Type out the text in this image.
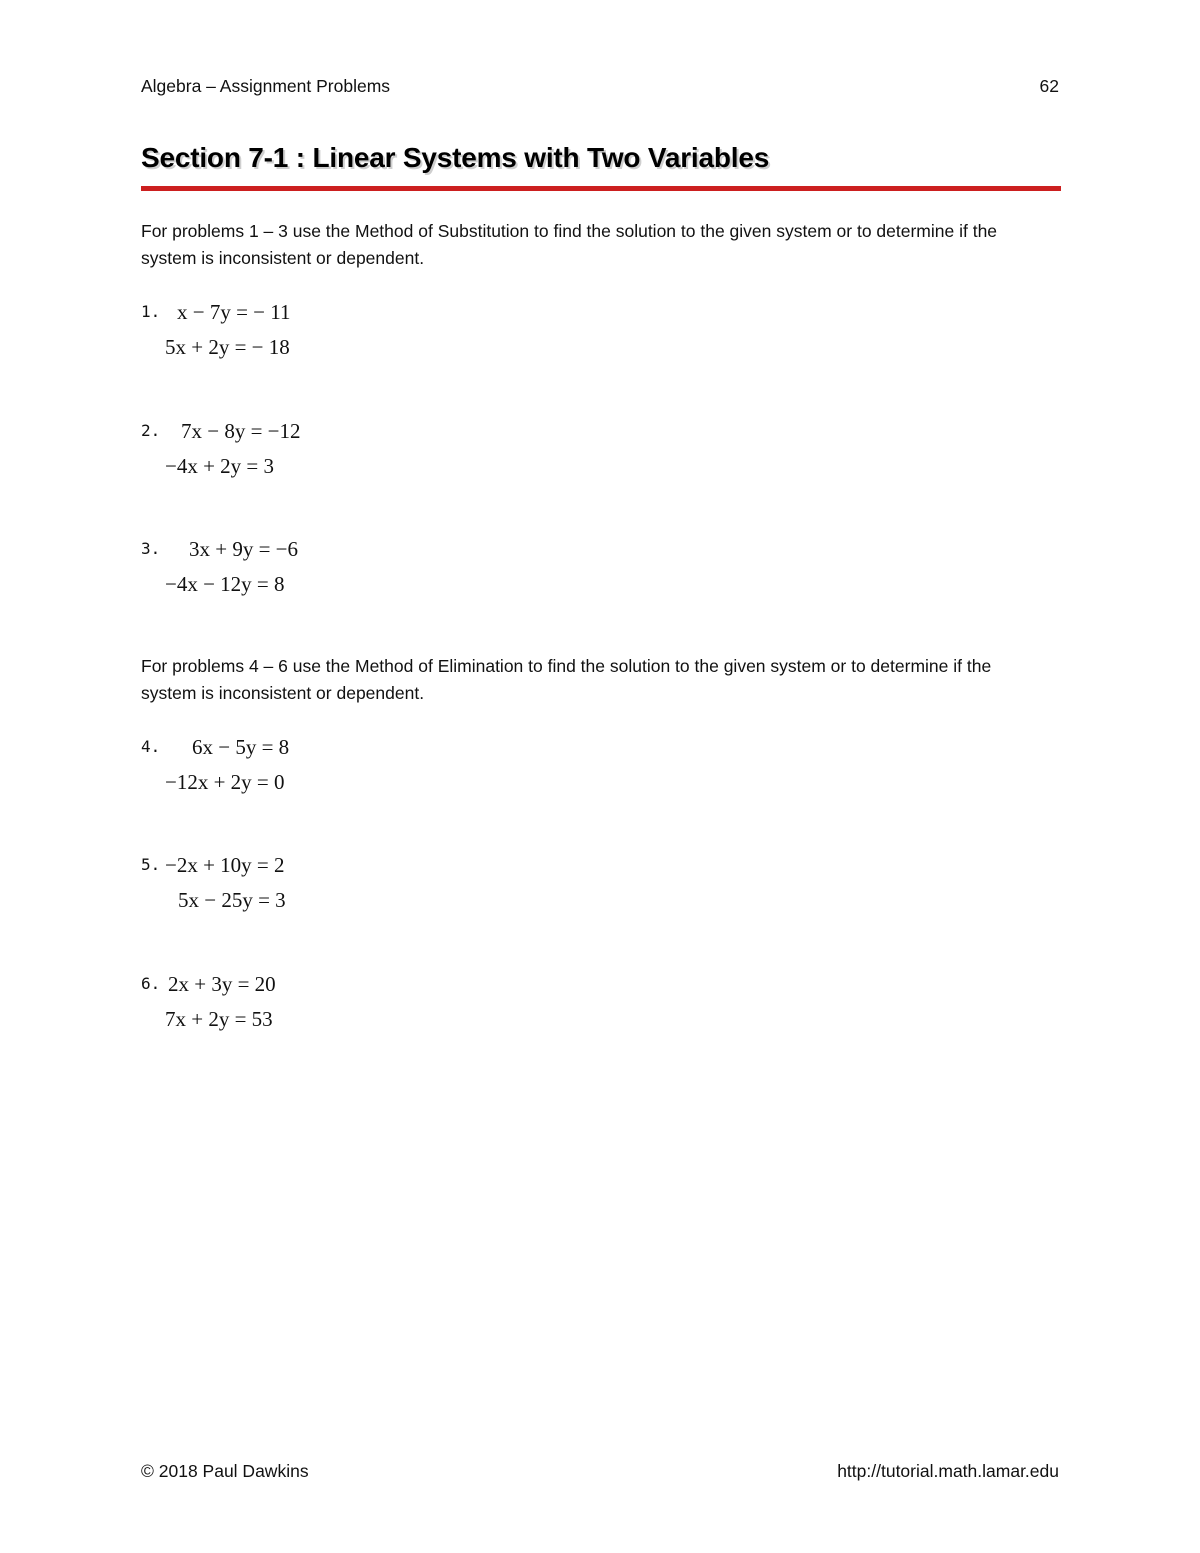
Algebra – Assignment Problems	62
Section 7-1 : Linear Systems with Two Variables

For problems 1 – 3 use the Method of Substitution to find the solution to the given system or to determine if the system is inconsistent or dependent.

1. x − 7y = − 11
5x + 2y = − 18
2. 7x − 8y = −12
−4x + 2y = 3
3. 3x + 9y = −6
−4x − 12y = 8

For problems 4 – 6 use the Method of Elimination to find the solution to the given system or to determine if the system is inconsistent or dependent.

4. 6x − 5y = 8
−12x + 2y = 0
5. −2x + 10y = 2
5x − 25y = 3
6. 2x + 3y = 20
7x + 2y = 53
© 2018 Paul Dawkins	http://tutorial.math.lamar.edu
